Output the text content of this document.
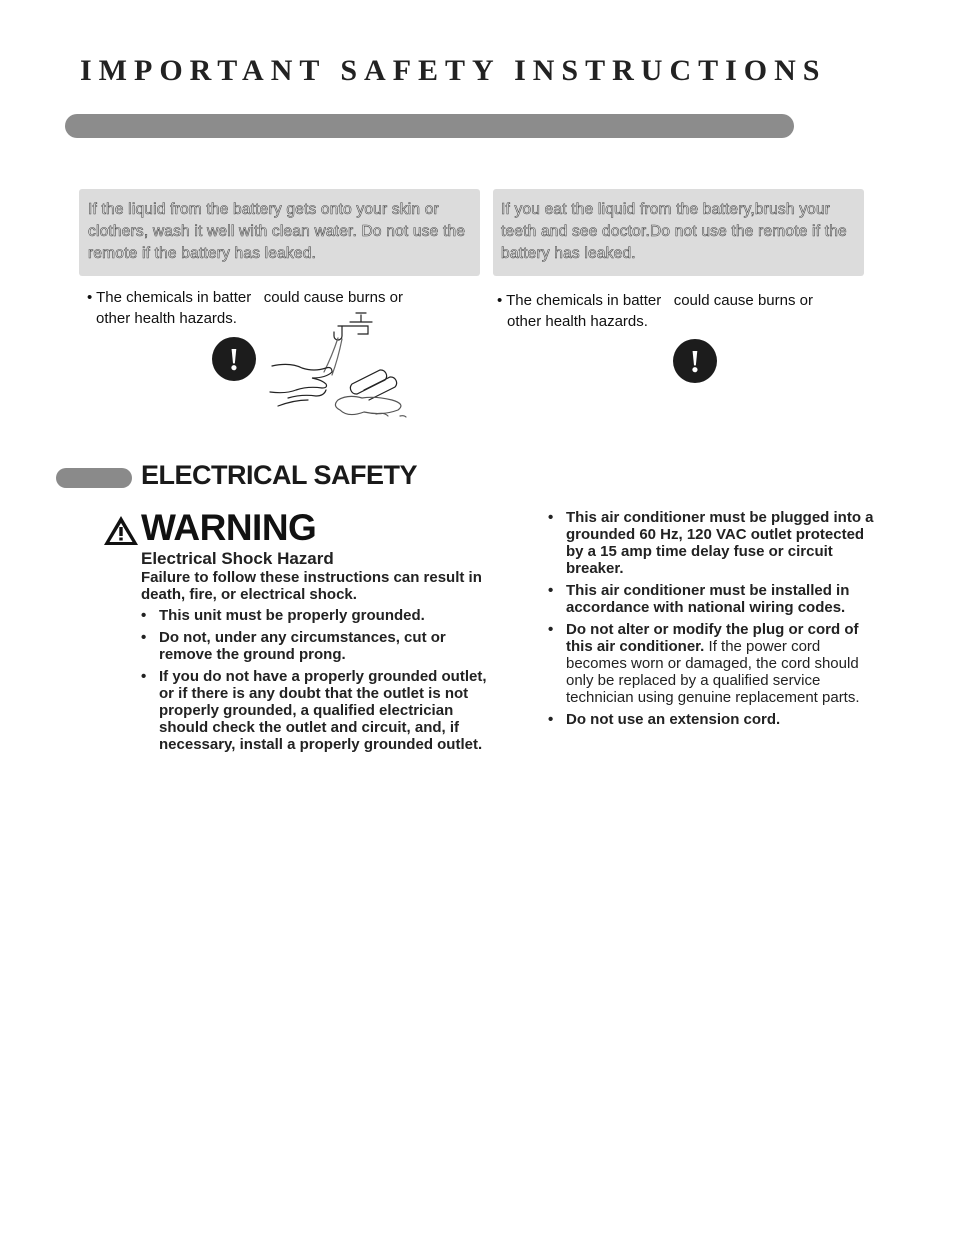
IMPORTANT SAFETY INSTRUCTIONS

If the liquid from the battery gets onto your skin or clothers, wash it well with clean water. Do not use the remote if the battery has leaked.

If you eat the liquid from the battery,brush your teeth and see doctor.Do not use the remote if the battery has leaked.

• The chemicals in batter   could cause burns or

other health hazards.

• The chemicals in batter   could cause burns or

other health hazards.

!	!
ELECTRICAL SAFETY
WARNING
Electrical Shock Hazard

Failure to follow these instructions can result in death, fire, or electrical shock.

• This unit must be properly grounded.
• Do not, under any circumstances, cut or remove the ground prong.
• If you do not have a properly grounded outlet, or if there is any doubt that the outlet is not properly grounded, a qualified electrician should check the outlet and circuit, and, if necessary, install a properly grounded outlet.
• This air conditioner must be plugged into a grounded 60 Hz, 120 VAC outlet protected by a 15 amp time delay fuse or circuit breaker.
• This air conditioner must be installed in accordance with national wiring codes.
• Do not alter or modify the plug or cord of this air conditioner. If the power cord becomes worn or damaged, the cord should only be replaced by a qualified service technician using genuine replacement parts.
• Do not use an extension cord.
